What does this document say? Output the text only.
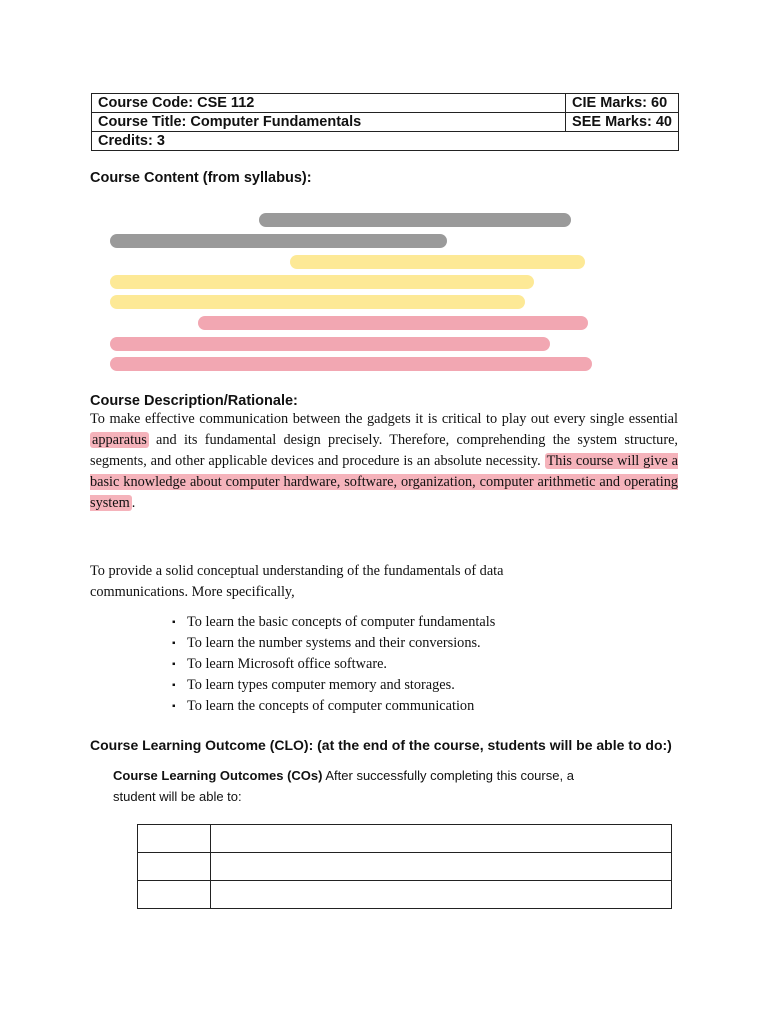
Course Code: CSE 112	CIE Marks: 60
Course Title: Computer Fundamentals	SEE Marks: 40
Credits: 3	
Course Content (from syllabus):
Course Description/Rationale:

To make effective communication between the gadgets it is critical to play out every single essential apparatus and its fundamental design precisely. Therefore, comprehending the system structure, segments, and other applicable devices and procedure is an absolute necessity. This course will give a basic knowledge about computer hardware, software, organization, computer arithmetic and operating system .

To provide a solid conceptual understanding of the fundamentals of data communications. More specifically,

▪ To learn the basic concepts of computer fundamentals
▪ To learn the number systems and their conversions.
▪ To learn Microsoft office software.
▪ To learn types computer memory and storages.
▪ To learn the concepts of computer communication
Course Learning Outcome (CLO): (at the end of the course, students will be able to do:)
Course Learning Outcomes (COs) After successfully completing this course, a student will be able to:
